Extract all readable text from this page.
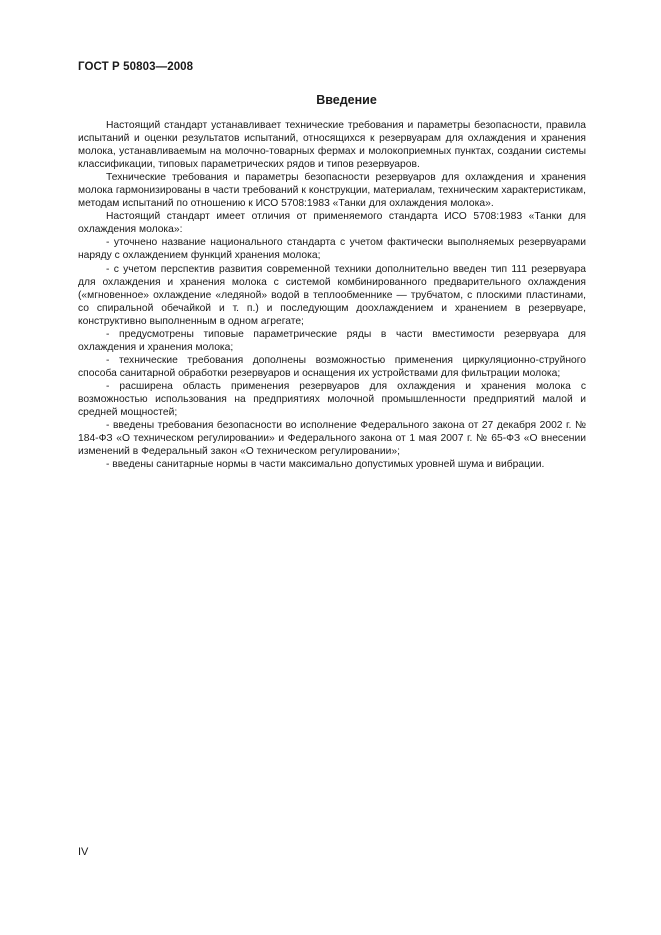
ГОСТ Р 50803—2008
Введение

Настоящий стандарт устанавливает технические требования и параметры безопасности, правила испытаний и оценки результатов испытаний, относящихся к резервуарам для охлаждения и хранения молока, устанавливаемым на молочно-товарных фермах и молокоприемных пунктах, создании системы классификации, типовых параметрических рядов и типов резервуаров.

Технические требования и параметры безопасности резервуаров для охлаждения и хранения молока гармонизированы в части требований к конструкции, материалам, техническим характеристикам, методам испытаний по отношению к ИСО 5708:1983 «Танки для охлаждения молока».

Настоящий стандарт имеет отличия от применяемого стандарта ИСО 5708:1983 «Танки для охлаждения молока»:

- уточнено название национального стандарта с учетом фактически выполняемых резервуарами наряду с охлаждением функций хранения молока;

- с учетом перспектив развития современной техники дополнительно введен тип 111 резервуара для охлаждения и хранения молока с системой комбинированного предварительного охлаждения («мгновенное» охлаждение «ледяной» водой в теплообменнике — трубчатом, с плоскими пластинами, со спиральной обечайкой и т. п.) и последующим доохлаждением и хранением в резервуаре, конструктивно выполненным в одном агрегате;

- предусмотрены типовые параметрические ряды в части вместимости резервуара для охлаждения и хранения молока;

- технические требования дополнены возможностью применения циркуляционно-струйного способа санитарной обработки резервуаров и оснащения их устройствами для фильтрации молока;

- расширена область применения резервуаров для охлаждения и хранения молока с возможностью использования на предприятиях молочной промышленности предприятий малой и средней мощностей;

- введены требования безопасности во исполнение Федерального закона от 27 декабря 2002 г. № 184-ФЗ «О техническом регулировании» и Федерального закона от 1 мая 2007 г. № 65-ФЗ «О внесении изменений в Федеральный закон «О техническом регулировании»;

- введены санитарные нормы в части максимально допустимых уровней шума и вибрации.

IV
